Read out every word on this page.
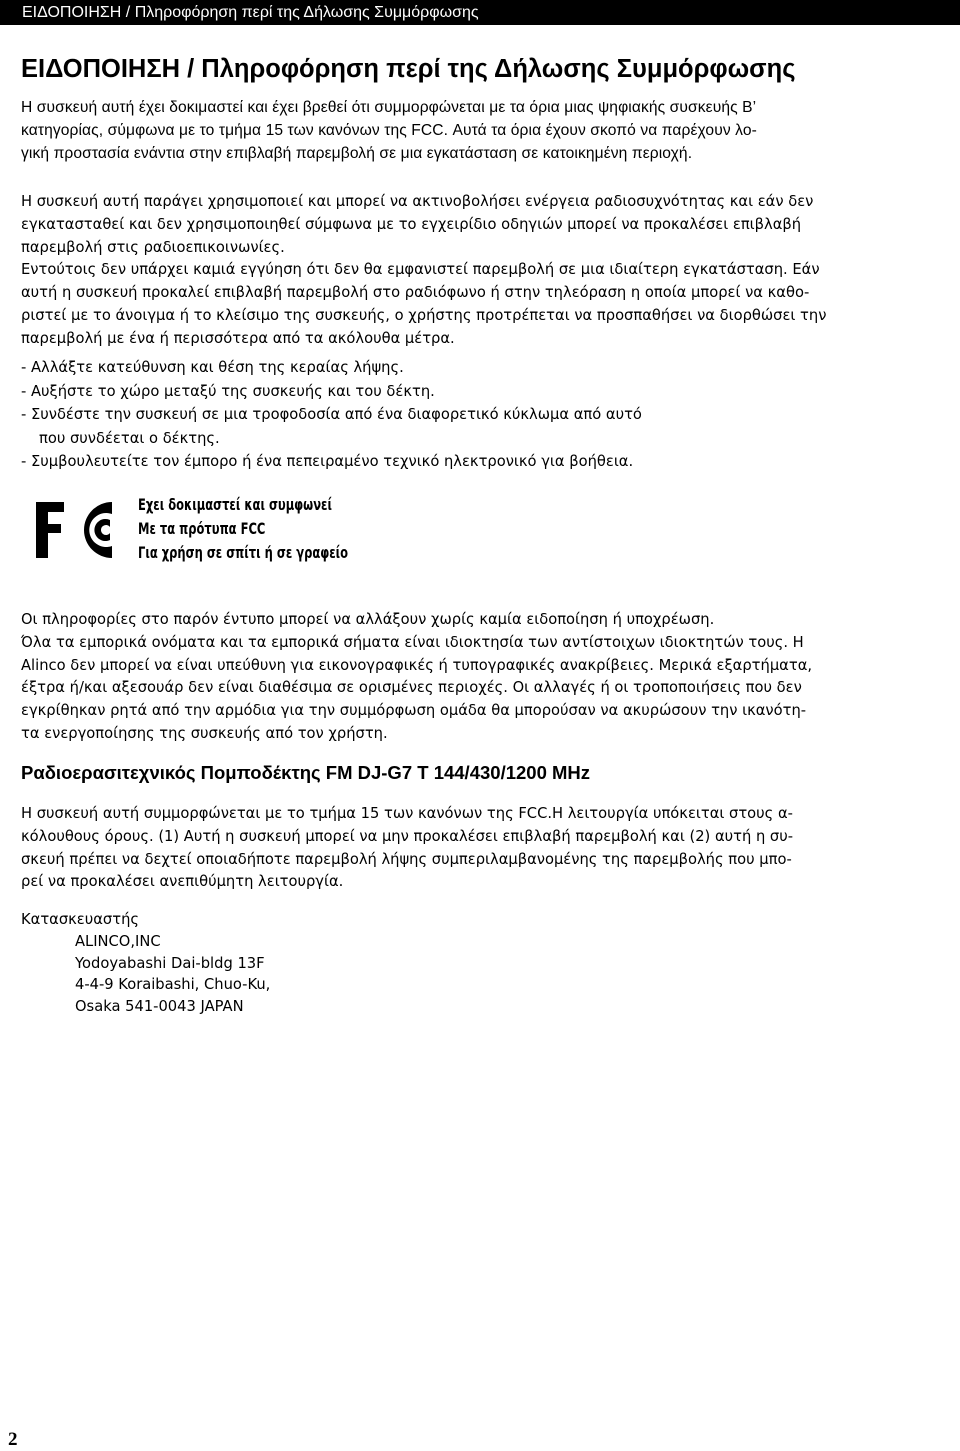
ΕΙΔΟΠΟΙΗΣΗ / Πληροφόρηση περί της Δήλωσης Συμμόρφωσης
ΕΙΔΟΠΟΙΗΣΗ / Πληροφόρηση περί της Δήλωσης Συμμόρφωσης
Η συσκευή αυτή έχει δοκιμαστεί και έχει βρεθεί ότι συμμορφώνεται με τα όρια μιας ψηφιακής συσκευής Β’
κατηγορίας, σύμφωνα με το τμήμα 15 των κανόνων της FCC. Αυτά τα όρια έχουν σκοπό να παρέχουν λο-
γική προστασία ενάντια στην επιβλαβή παρεμβολή σε μια εγκατάσταση σε κατοικημένη περιοχή.
Η συσκευή αυτή παράγει χρησιμοποιεί και μπορεί να ακτινοβολήσει ενέργεια ραδιοσυχνότητας και εάν δεν
εγκατασταθεί και δεν χρησιμοποιηθεί σύμφωνα με το εγχειρίδιο οδηγιών μπορεί να προκαλέσει επιβλαβή
παρεμβολή στις ραδιοεπικοινωνίες.
Εντούτοις δεν υπάρχει καμιά εγγύηση ότι δεν θα εμφανιστεί παρεμβολή σε μια ιδιαίτερη εγκατάσταση. Εάν
αυτή η συσκευή προκαλεί επιβλαβή παρεμβολή στο ραδιόφωνο ή στην τηλεόραση η οποία μπορεί να καθο-
ριστεί με το άνοιγμα ή το κλείσιμο της συσκευής, ο χρήστης προτρέπεται να προσπαθήσει να διορθώσει την
παρεμβολή με ένα ή περισσότερα από τα ακόλουθα μέτρα.
- Αλλάξτε κατεύθυνση και θέση της κεραίας λήψης.
- Αυξήστε το χώρο μεταξύ της συσκευής και του δέκτη.
- Συνδέστε την συσκευή σε μια τροφοδοσία από ένα διαφορετικό κύκλωμα από αυτό
που συνδέεται ο δέκτης.
- Συμβουλευτείτε τον έμπορο ή ένα πεπειραμένο τεχνικό ηλεκτρονικό για βοήθεια.
Εχει δοκιμαστεί και συμφωνεί
Με τα πρότυπα FCC
Για χρήση σε σπίτι ή σε γραφείο
Οι πληροφορίες στο παρόν έντυπο μπορεί να αλλάξουν χωρίς καμία ειδοποίηση ή υποχρέωση.
Όλα τα εμπορικά ονόματα και τα εμπορικά σήματα είναι ιδιοκτησία των αντίστοιχων ιδιοκτητών τους. Η
Alinco δεν μπορεί να είναι υπεύθυνη για εικονογραφικές ή τυπογραφικές ανακρίβειες. Μερικά εξαρτήματα,
έξτρα ή/και αξεσουάρ δεν είναι διαθέσιμα σε ορισμένες περιοχές. Οι αλλαγές ή οι τροποποιήσεις που δεν
εγκρίθηκαν ρητά από την αρμόδια για την συμμόρφωση ομάδα θα μπορούσαν να ακυρώσουν την ικανότη-
τα ενεργοποίησης της συσκευής από τον χρήστη.
Ραδιοερασιτεχνικός Πομποδέκτης FM DJ-G7 T 144/430/1200 MHz
Η συσκευή αυτή συμμορφώνεται με το τμήμα 15 των κανόνων της FCC.Η λειτουργία υπόκειται στους α-
κόλουθους όρους. (1) Αυτή η συσκευή μπορεί να μην προκαλέσει επιβλαβή παρεμβολή και (2) αυτή η συ-
σκευή πρέπει να δεχτεί οποιαδήποτε παρεμβολή λήψης συμπεριλαμβανομένης της παρεμβολής που μπο-
ρεί να προκαλέσει ανεπιθύμητη λειτουργία.
Κατασκευαστής
ALINCO,INC
Yodoyabashi Dai-bldg 13F
4-4-9 Koraibashi, Chuo-Ku,
Osaka 541-0043 JAPAN
2
